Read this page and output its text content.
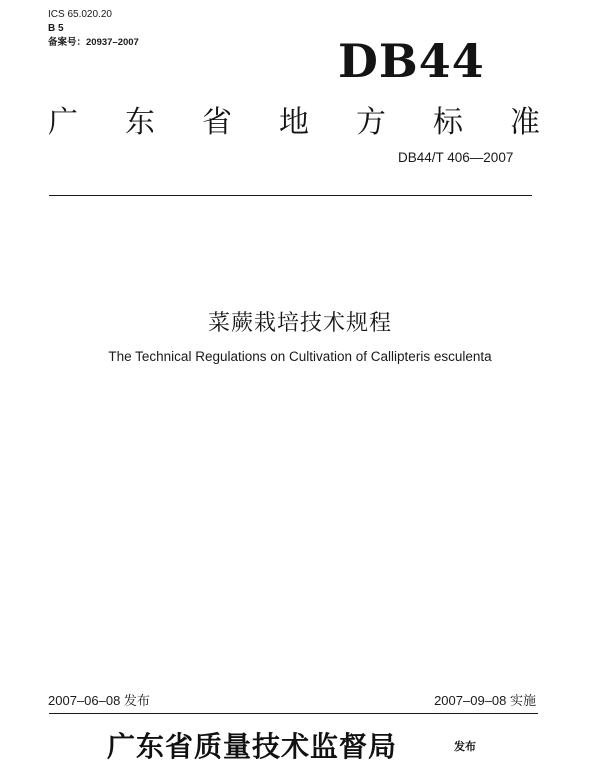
ICS 65.020.20
B 5
备案号：20937–2007	DB44
广 东 省 地 方 标 准
DB44/T 406—2007
菜蕨栽培技术规程
The Technical Regulations on Cultivation of Callipteris esculenta
2007–06–08 发布	2007–09–08 实施
广东省质量技术监督局	发布
